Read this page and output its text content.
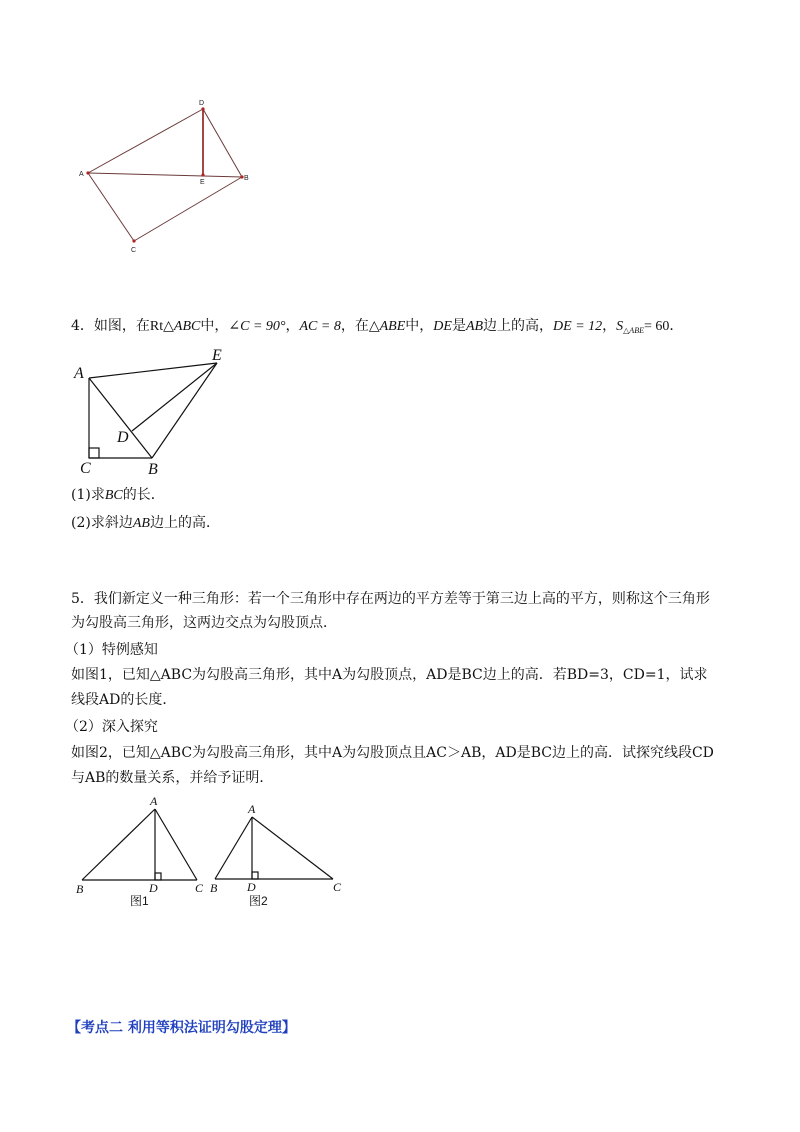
D
A
E
B
C
4．如图，在Rt△ABC中，∠C = 90°，AC = 8，在△ABE中，DE是AB边上的高，DE = 12，$S_{\triangle ABE}= 60$．
A
E
D
C	B
(1)求BC的长．
(2)求斜边AB边上的高．
5．我们新定义一种三角形：若一个三角形中存在两边的平方差等于第三边上高的平方，则称这个三角形
为勾股高三角形，这两边交点为勾股顶点．
（1）特例感知
如图1，已知△ABC为勾股高三角形，其中A为勾股顶点，AD是BC边上的高．若BD=3，CD=1，试求
线段AD的长度．
（2）深入探究
如图2，已知△ABC为勾股高三角形，其中A为勾股顶点且AC＞AB，AD是BC边上的高．试探究线段CD
与AB的数量关系，并给予证明．
A
B	D	C
图1
A
B D	C
图2
【考点二 利用等积法证明勾股定理】
